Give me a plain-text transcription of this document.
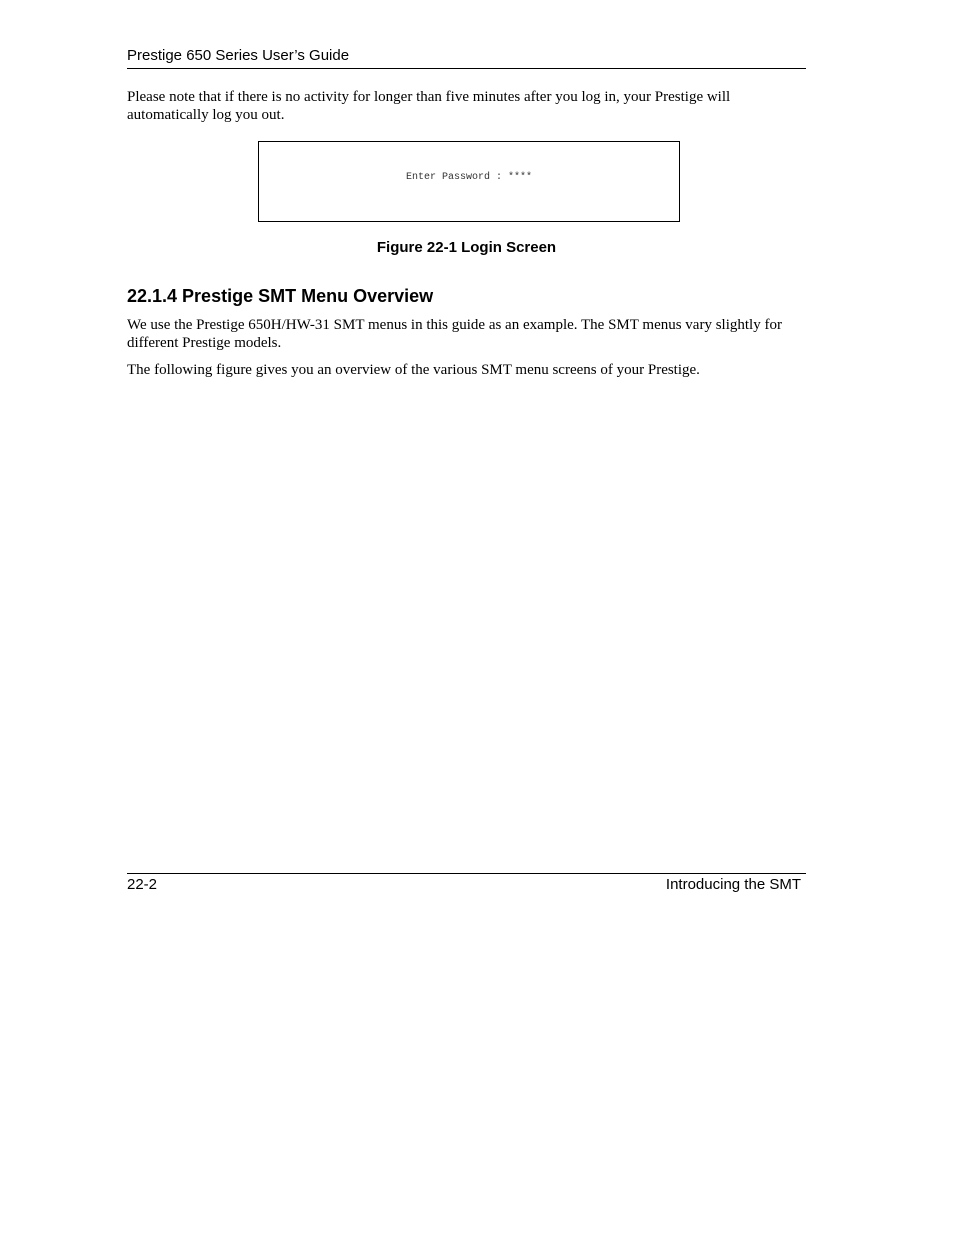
Prestige 650 Series User’s Guide

Please note that if there is no activity for longer than five minutes after you log in, your Prestige will automatically log you out.

Enter Password : ****
Figure 22-1 Login Screen
22.1.4 Prestige SMT Menu Overview

We use the Prestige 650H/HW-31 SMT menus in this guide as an example. The SMT menus vary slightly for different Prestige models.

The following figure gives you an overview of the various SMT menu screens of your Prestige.

22-2	Introducing the SMT
